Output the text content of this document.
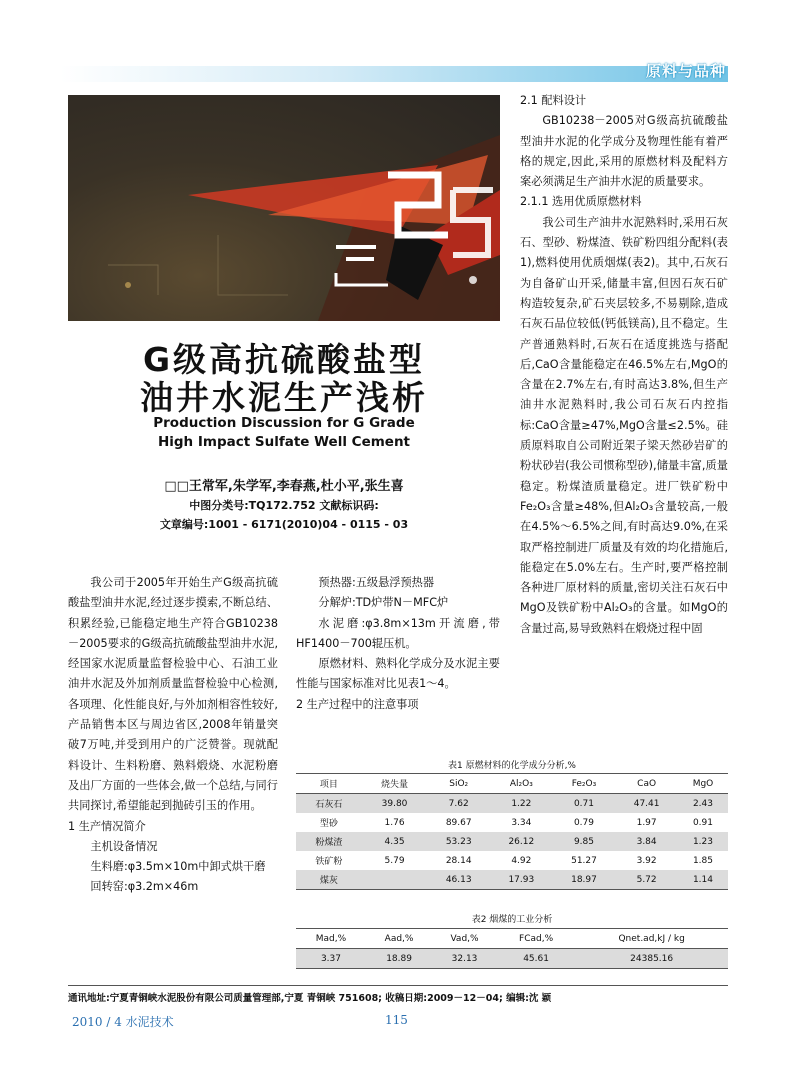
原料与品种
G级高抗硫酸盐型
油井水泥生产浅析
Production Discussion for G Grade
High Impact Sulfate Well Cement
□□王常军,朱学军,李春燕,杜小平,张生喜
中图分类号:TQ172.752 文献标识码:
文章编号:1001 - 6171(2010)04 - 0115 - 03

我公司于2005年开始生产G级高抗硫酸盐型油井水泥,经过逐步摸索,不断总结、积累经验,已能稳定地生产符合GB10238－2005要求的G级高抗硫酸盐型油井水泥,经国家水泥质量监督检验中心、石油工业油井水泥及外加剂质量监督检验中心检测,各项理、化性能良好,与外加剂相容性较好,产品销售本区与周边省区,2008年销量突破7万吨,并受到用户的广泛赞誉。现就配料设计、生料粉磨、熟料煅烧、水泥粉磨及出厂方面的一些体会,做一个总结,与同行共同探讨,希望能起到抛砖引玉的作用。

1 生产情况简介

主机设备情况

生料磨:φ3.5m×10m中卸式烘干磨

回转窑:φ3.2m×46m

预热器:五级悬浮预热器

分解炉:TD炉带N－MFC炉

水泥磨:φ3.8m×13m开流磨,带HF1400－700辊压机。

原燃材料、熟料化学成分及水泥主要性能与国家标准对比见表1～4。

2 生产过程中的注意事项

2.1 配料设计

GB10238－2005对G级高抗硫酸盐型油井水泥的化学成分及物理性能有着严格的规定,因此,采用的原燃材料及配料方案必须满足生产油井水泥的质量要求。

2.1.1 选用优质原燃材料

我公司生产油井水泥熟料时,采用石灰石、型砂、粉煤渣、铁矿粉四组分配料(表1),燃料使用优质烟煤(表2)。其中,石灰石为自备矿山开采,储量丰富,但因石灰石矿构造较复杂,矿石夹层较多,不易剔除,造成石灰石品位较低(钙低镁高),且不稳定。生产普通熟料时,石灰石在适度挑选与搭配后,CaO含量能稳定在46.5%左右,MgO的含量在2.7%左右,有时高达3.8%,但生产油井水泥熟料时,我公司石灰石内控指标:CaO含量≥47%,MgO含量≤2.5%。硅质原料取自公司附近架子梁天然砂岩矿的粉状砂岩(我公司惯称型砂),储量丰富,质量稳定。粉煤渣质量稳定。进厂铁矿粉中Fe₂O₃含量≥48%,但Al₂O₃含量较高,一般在4.5%～6.5%之间,有时高达9.0%,在采取严格控制进厂质量及有效的均化措施后,能稳定在5.0%左右。生产时,要严格控制各种进厂原材料的质量,密切关注石灰石中MgO及铁矿粉中Al₂O₃的含量。如MgO的含量过高,易导致熟料在煅烧过程中固

表1 原燃材料的化学成分分析,%
项目	烧失量	SiO₂	Al₂O₃	Fe₂O₃	CaO	MgO
石灰石	39.80	7.62	1.22	0.71	47.41	2.43
型砂	1.76	89.67	3.34	0.79	1.97	0.91
粉煤渣	4.35	53.23	26.12	9.85	3.84	1.23
铁矿粉	5.79	28.14	4.92	51.27	3.92	1.85
煤灰		46.13	17.93	18.97	5.72	1.14
表2 烟煤的工业分析
Mad,%	Aad,%	Vad,%	FCad,%	Qnet.ad,kJ / kg
3.37	18.89	32.13	45.61	24385.16
通讯地址:宁夏青铜峡水泥股份有限公司质量管理部,宁夏 青铜峡 751608; 收稿日期:2009－12－04; 编辑:沈 颖
2010 / 4 水泥技术	115
